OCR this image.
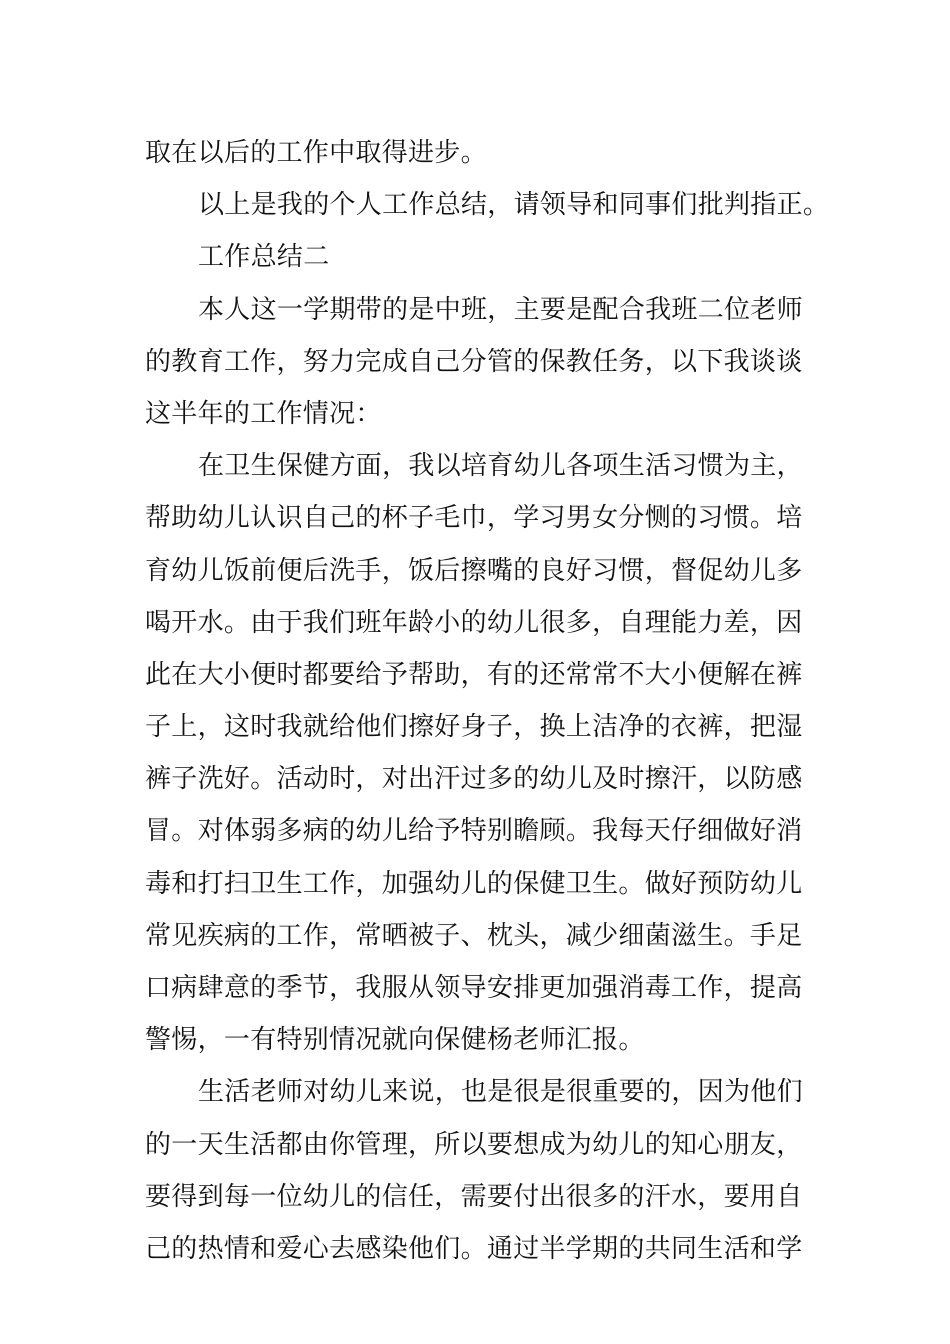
取在以后的工作中取得进步。
以上是我的个人工作总结，请领导和同事们批判指正。
工作总结二
本人这一学期带的是中班，主要是配合我班二位老师
的教育工作，努力完成自己分管的保教任务，以下我谈谈
这半年的工作情况：
在卫生保健方面，我以培育幼儿各项生活习惯为主，
帮助幼儿认识自己的杯子毛巾，学习男女分恻的习惯。培
育幼儿饭前便后洗手，饭后擦嘴的良好习惯，督促幼儿多
喝开水。由于我们班年龄小的幼儿很多，自理能力差，因
此在大小便时都要给予帮助，有的还常常不大小便解在裤
子上，这时我就给他们擦好身子，换上洁净的衣裤，把湿
裤子洗好。活动时，对出汗过多的幼儿及时擦汗，以防感
冒。对体弱多病的幼儿给予特别瞻顾。我每天仔细做好消
毒和打扫卫生工作，加强幼儿的保健卫生。做好预防幼儿
常见疾病的工作，常晒被子、枕头，减少细菌滋生。手足
口病肆意的季节，我服从领导安排更加强消毒工作，提高
警惕，一有特别情况就向保健杨老师汇报。
生活老师对幼儿来说，也是很是很重要的，因为他们
的一天生活都由你管理，所以要想成为幼儿的知心朋友，
要得到每一位幼儿的信任，需要付出很多的汗水，要用自
己的热情和爱心去感染他们。通过半学期的共同生活和学
